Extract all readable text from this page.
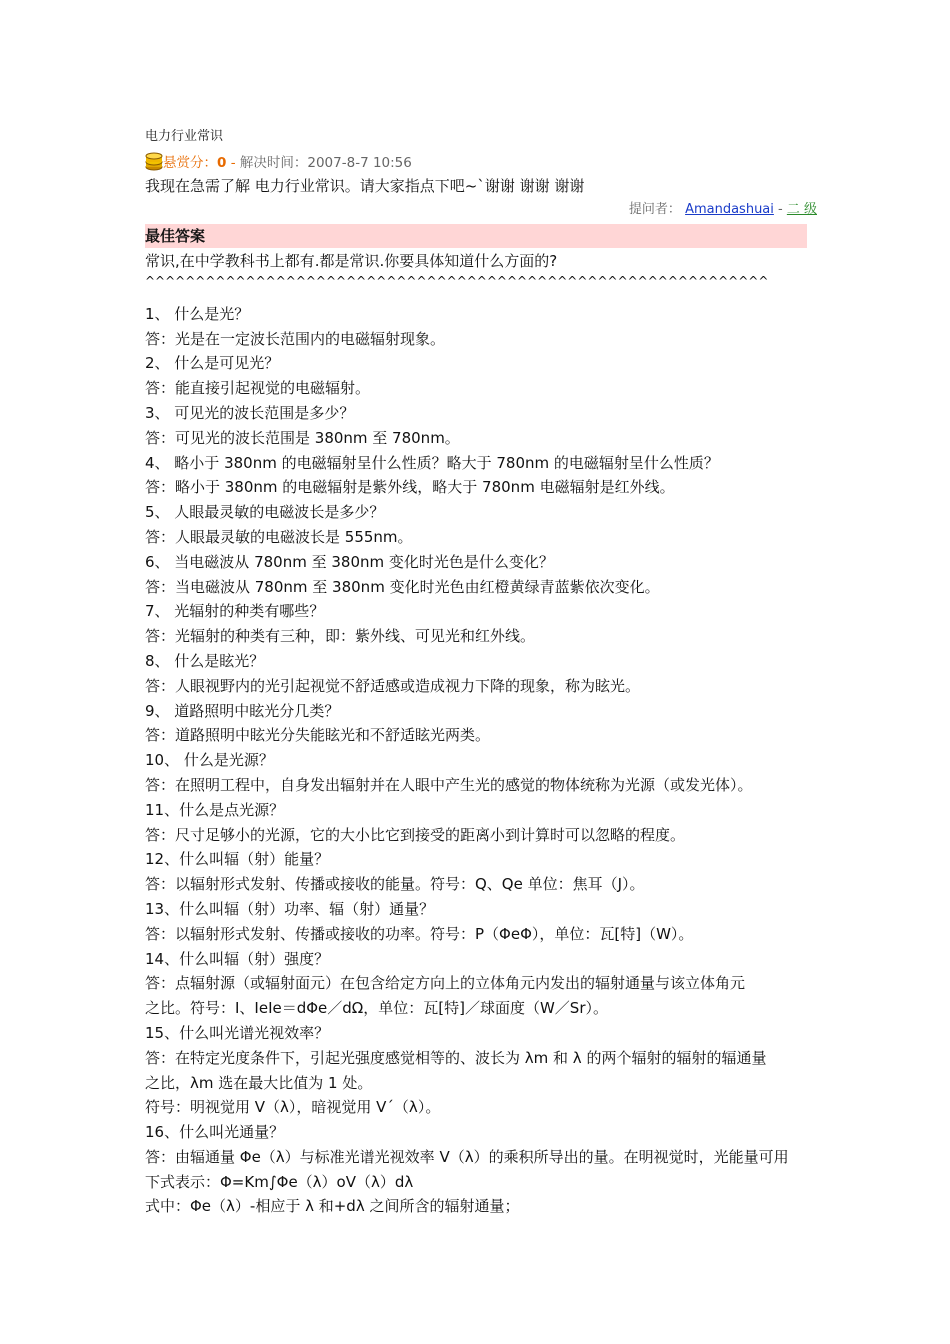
电力行业常识
悬赏分：0 - 解决时间：2007-8-7 10:56
我现在急需了解 电力行业常识。请大家指点下吧~`谢谢 谢谢 谢谢
提问者： Amandashuai - 二 级
最佳答案
常识,在中学教科书上都有.都是常识.你要具体知道什么方面的?
^^^^^^^^^^^^^^^^^^^^^^^^^^^^^^^^^^^^^^^^^^^^^^^^^^^^^^^^^^^^^^
1、 什么是光？
答：光是在一定波长范围内的电磁辐射现象。
2、 什么是可见光？
答：能直接引起视觉的电磁辐射。
3、 可见光的波长范围是多少？
答：可见光的波长范围是 380nm 至 780nm。
4、 略小于 380nm 的电磁辐射呈什么性质？略大于 780nm 的电磁辐射呈什么性质？
答：略小于 380nm 的电磁辐射是紫外线，略大于 780nm 电磁辐射是红外线。
5、 人眼最灵敏的电磁波长是多少？
答：人眼最灵敏的电磁波长是 555nm。
6、 当电磁波从 780nm 至 380nm 变化时光色是什么变化？
答：当电磁波从 780nm 至 380nm 变化时光色由红橙黄绿青蓝紫依次变化。
7、 光辐射的种类有哪些？
答：光辐射的种类有三种，即：紫外线、可见光和红外线。
8、 什么是眩光？
答：人眼视野内的光引起视觉不舒适感或造成视力下降的现象，称为眩光。
9、 道路照明中眩光分几类？
答：道路照明中眩光分失能眩光和不舒适眩光两类。
10、 什么是光源？
答：在照明工程中，自身发出辐射并在人眼中产生光的感觉的物体统称为光源（或发光体）。
11、什么是点光源？
答：尺寸足够小的光源，它的大小比它到接受的距离小到计算时可以忽略的程度。
12、什么叫辐（射）能量？
答：以辐射形式发射、传播或接收的能量。符号：Q、Qe 单位：焦耳（J）。
13、什么叫辐（射）功率、辐（射）通量？
答：以辐射形式发射、传播或接收的功率。符号：P（ΦeΦ），单位：瓦[特]（W）。
14、什么叫辐（射）强度？
答：点辐射源（或辐射面元）在包含给定方向上的立体角元内发出的辐射通量与该立体角元
之比。符号：I、IeIe＝dΦe／dΩ，单位：瓦[特]／球面度（W／Sr）。
15、什么叫光谱光视效率？
答：在特定光度条件下，引起光强度感觉相等的、波长为 λm 和 λ 的两个辐射的辐射的辐通量
之比，λm 选在最大比值为 1 处。
符号：明视觉用 V（λ），暗视觉用 V´（λ）。
16、什么叫光通量？
答：由辐通量 Φe（λ）与标准光谱光视效率 V（λ）的乘积所导出的量。在明视觉时，光能量可用
下式表示：Φ=Km∫Φe（λ）oV（λ）dλ
式中：Φe（λ）-相应于 λ 和+dλ 之间所含的辐射通量；
